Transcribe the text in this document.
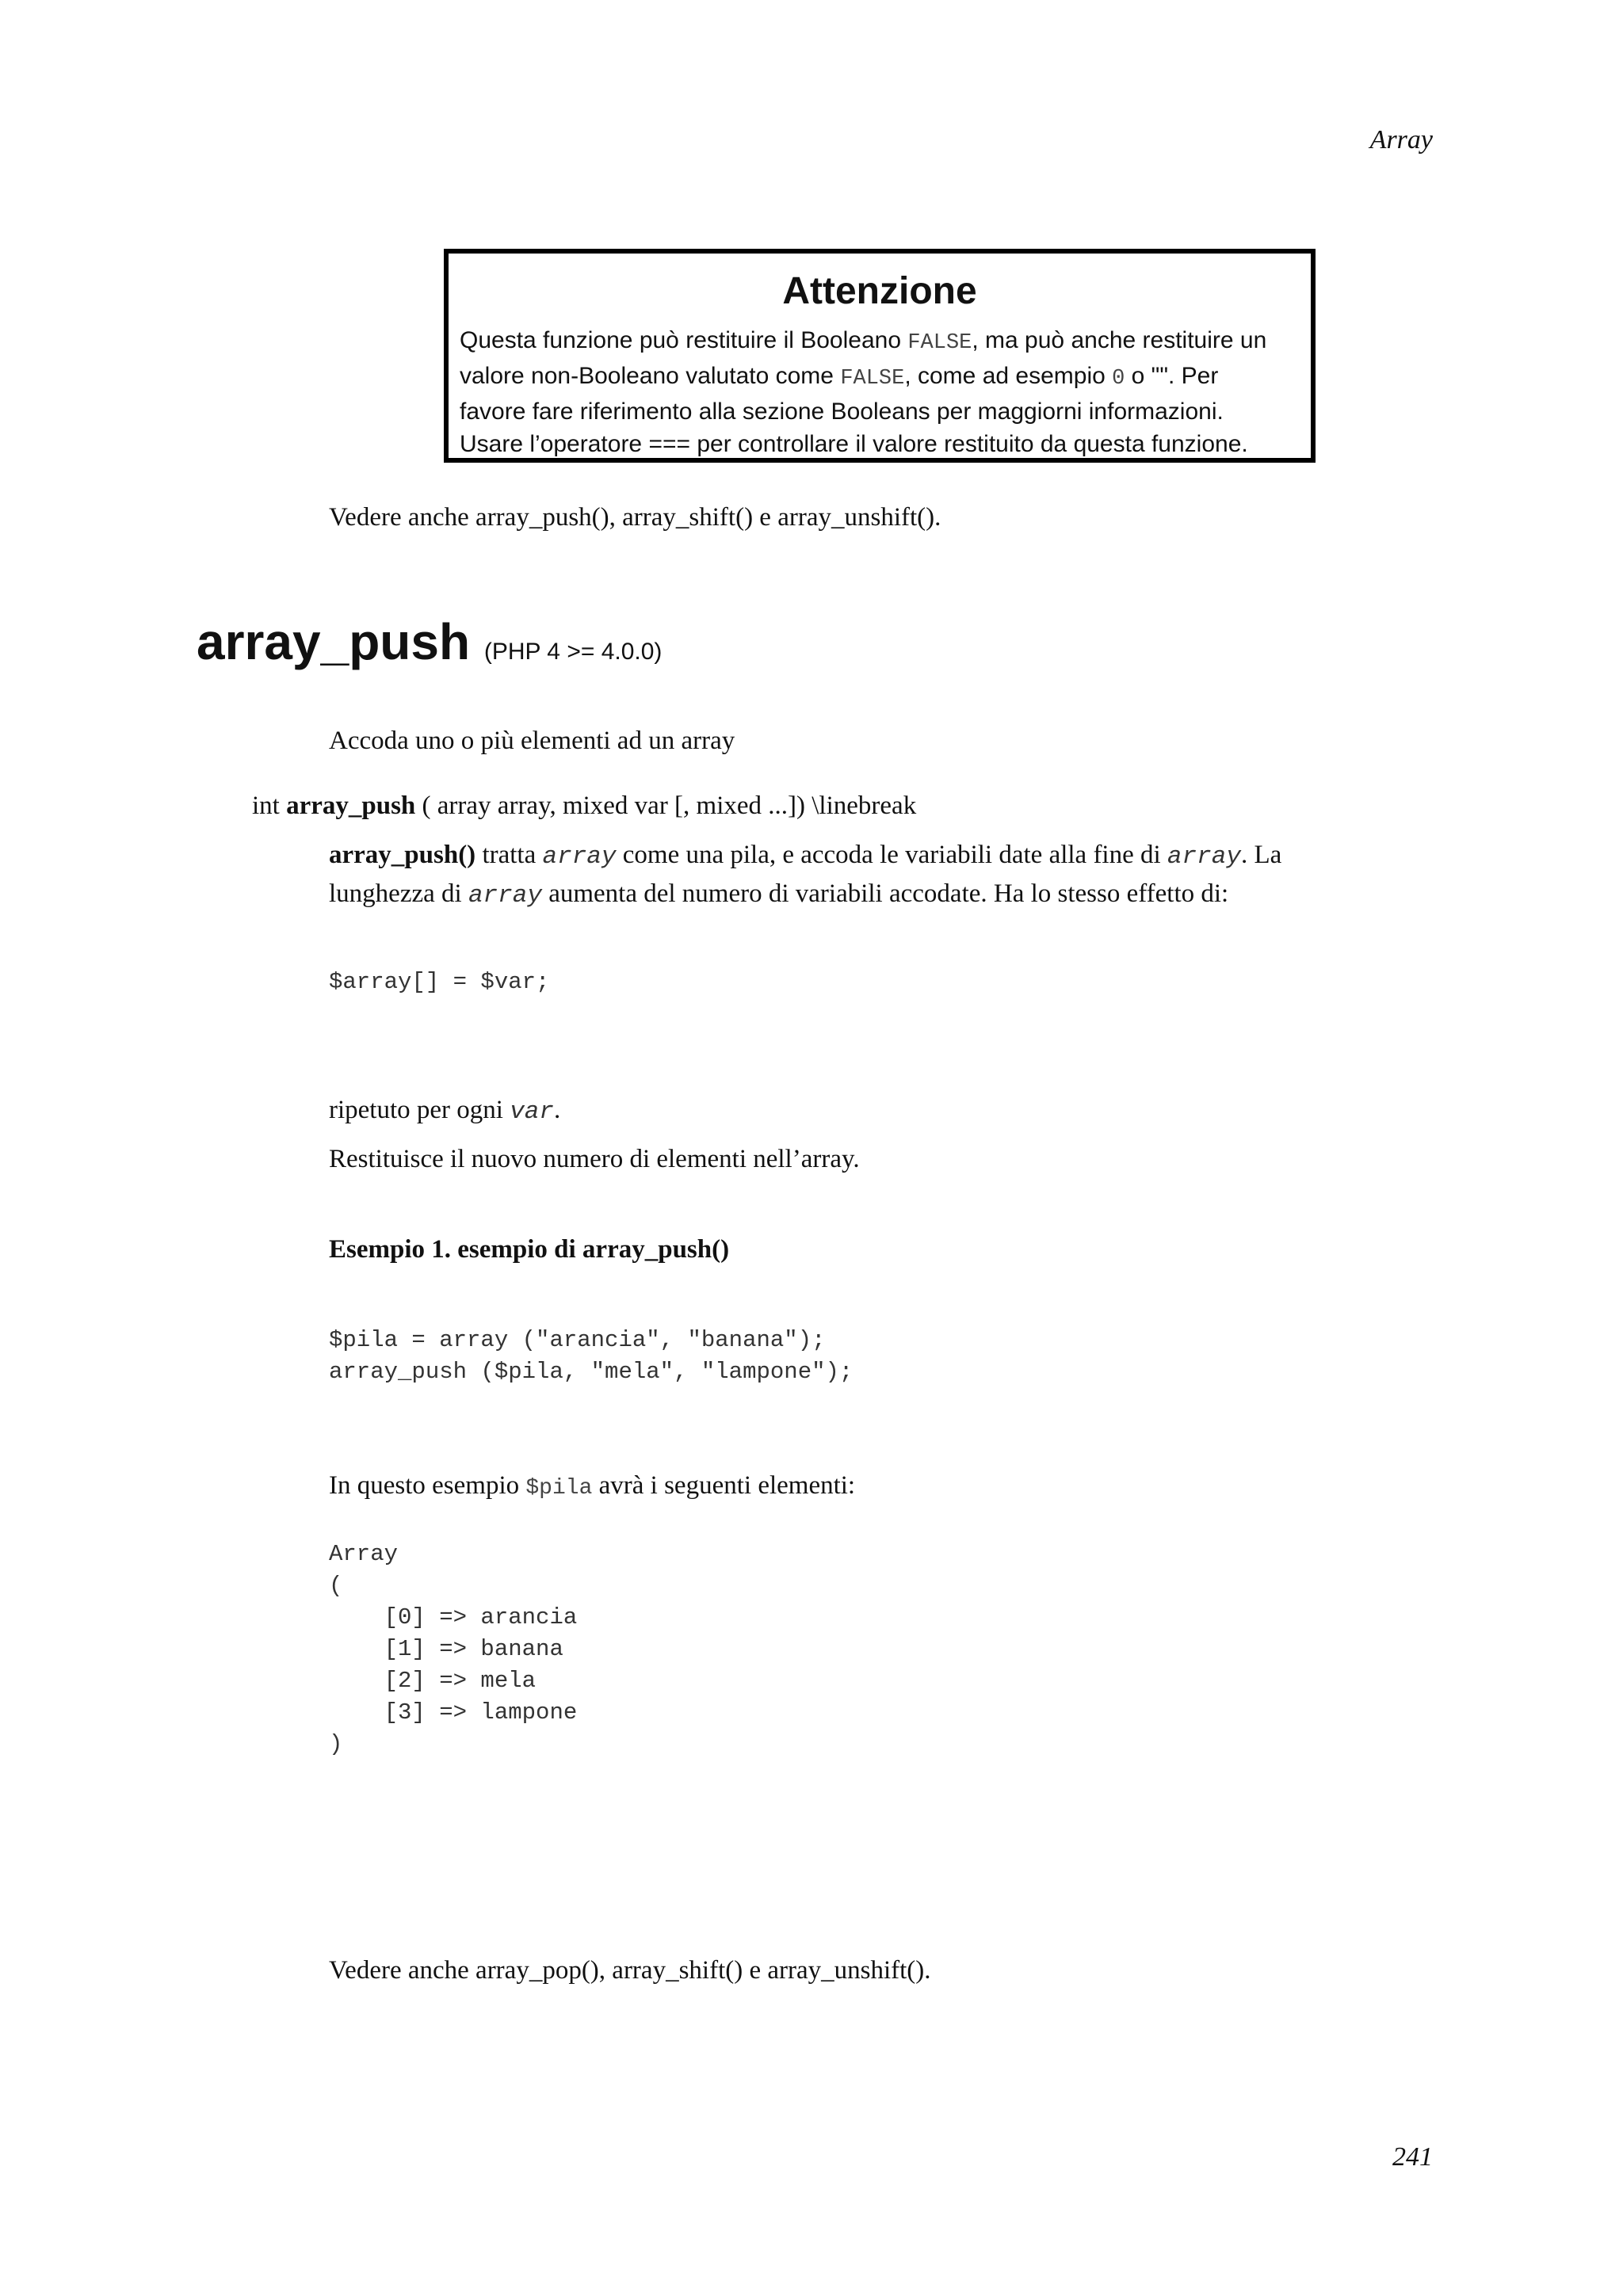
Array
Attenzione
Questa funzione può restituire il Booleano FALSE, ma può anche restituire un
valore non-Booleano valutato come FALSE, come ad esempio 0 o "". Per
favore fare riferimento alla sezione Booleans per maggiorni informazioni.
Usare l’operatore === per controllare il valore restituito da questa funzione.
Vedere anche array_push(), array_shift() e array_unshift().
array_push (PHP 4 >= 4.0.0)
Accoda uno o più elementi ad un array
int array_push ( array array, mixed var [, mixed ...]) \linebreak
array_push() tratta array come una pila, e accoda le variabili date alla fine di array. La
lunghezza di array aumenta del numero di variabili accodate. Ha lo stesso effetto di:
$array[] = $var;
ripetuto per ogni var.
Restituisce il nuovo numero di elementi nell’array.
Esempio 1. esempio di array_push()
$pila = array ("arancia", "banana");
array_push ($pila, "mela", "lampone");
In questo esempio $pila avrà i seguenti elementi:
Array
(
[0] => arancia
[1] => banana
[2] => mela
[3] => lampone
)
Vedere anche array_pop(), array_shift() e array_unshift().
241
